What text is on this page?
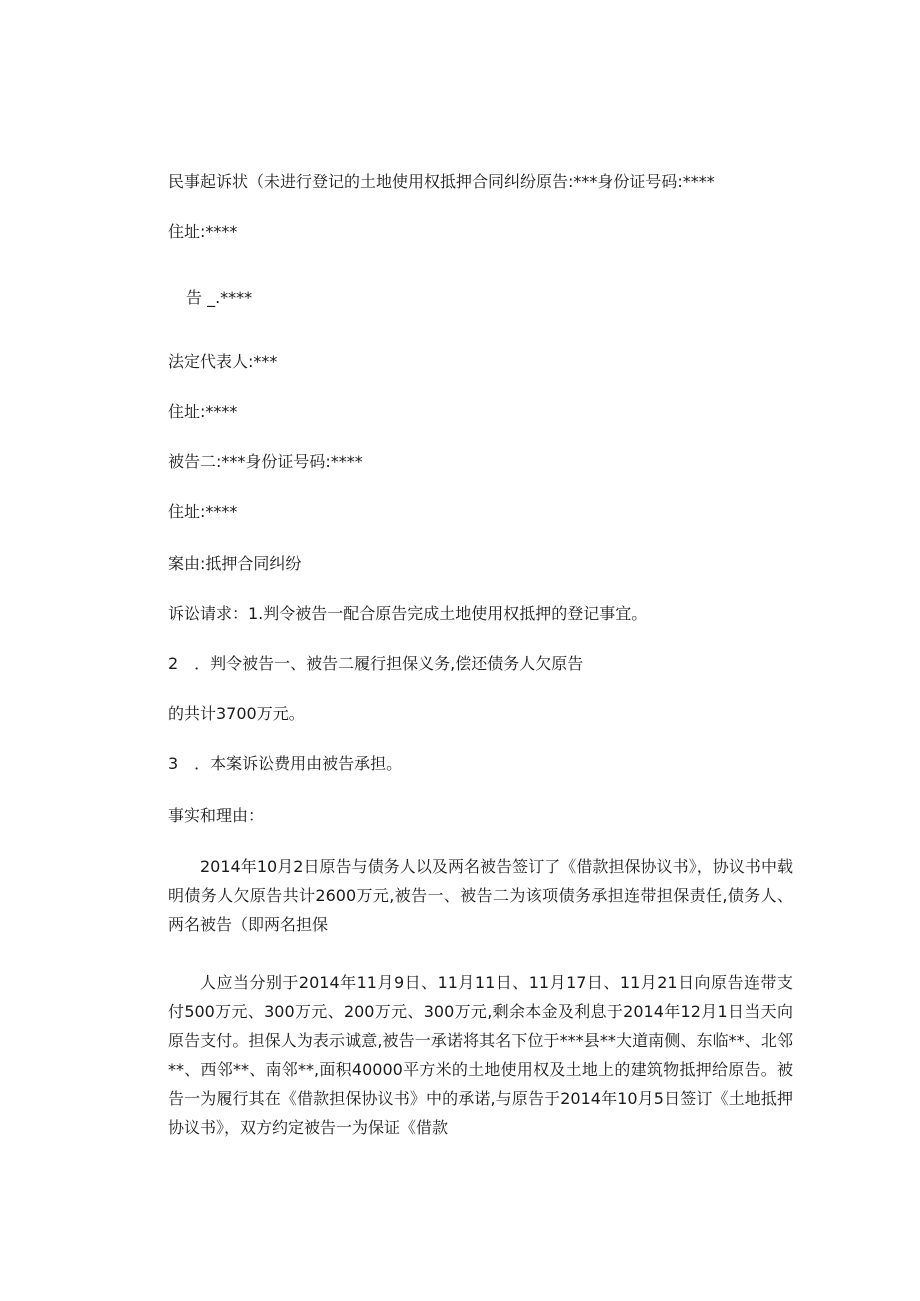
民事起诉状（未进行登记的土地使用权抵押合同纠纷原告:***身份证号码:****
住址:****
告 _.****
法定代表人:***
住址:****
被告二:***身份证号码:****
住址:****
案由:抵押合同纠纷
诉讼请求：1.判令被告一配合原告完成土地使用权抵押的登记事宜。
2　．判令被告一、被告二履行担保义务,偿还债务人欠原告
的共计3700万元。
3　．本案诉讼费用由被告承担。
事实和理由：
2014年10月2日原告与债务人以及两名被告签订了《借款担保协议书》，协议书中载明债务人欠原告共计2600万元,被告一、被告二为该项债务承担连带担保责任,债务人、两名被告（即两名担保
人应当分别于2014年11月9日、11月11日、11月17日、11月21日向原告连带支付500万元、300万元、200万元、300万元,剩余本金及利息于2014年12月1日当天向原告支付。担保人为表示诚意,被告一承诺将其名下位于***县**大道南侧、东临**、北邻**、西邻**、南邻**,面积40000平方米的土地使用权及土地上的建筑物抵押给原告。被告一为履行其在《借款担保协议书》中的承诺,与原告于2014年10月5日签订《土地抵押协议书》，双方约定被告一为保证《借款
